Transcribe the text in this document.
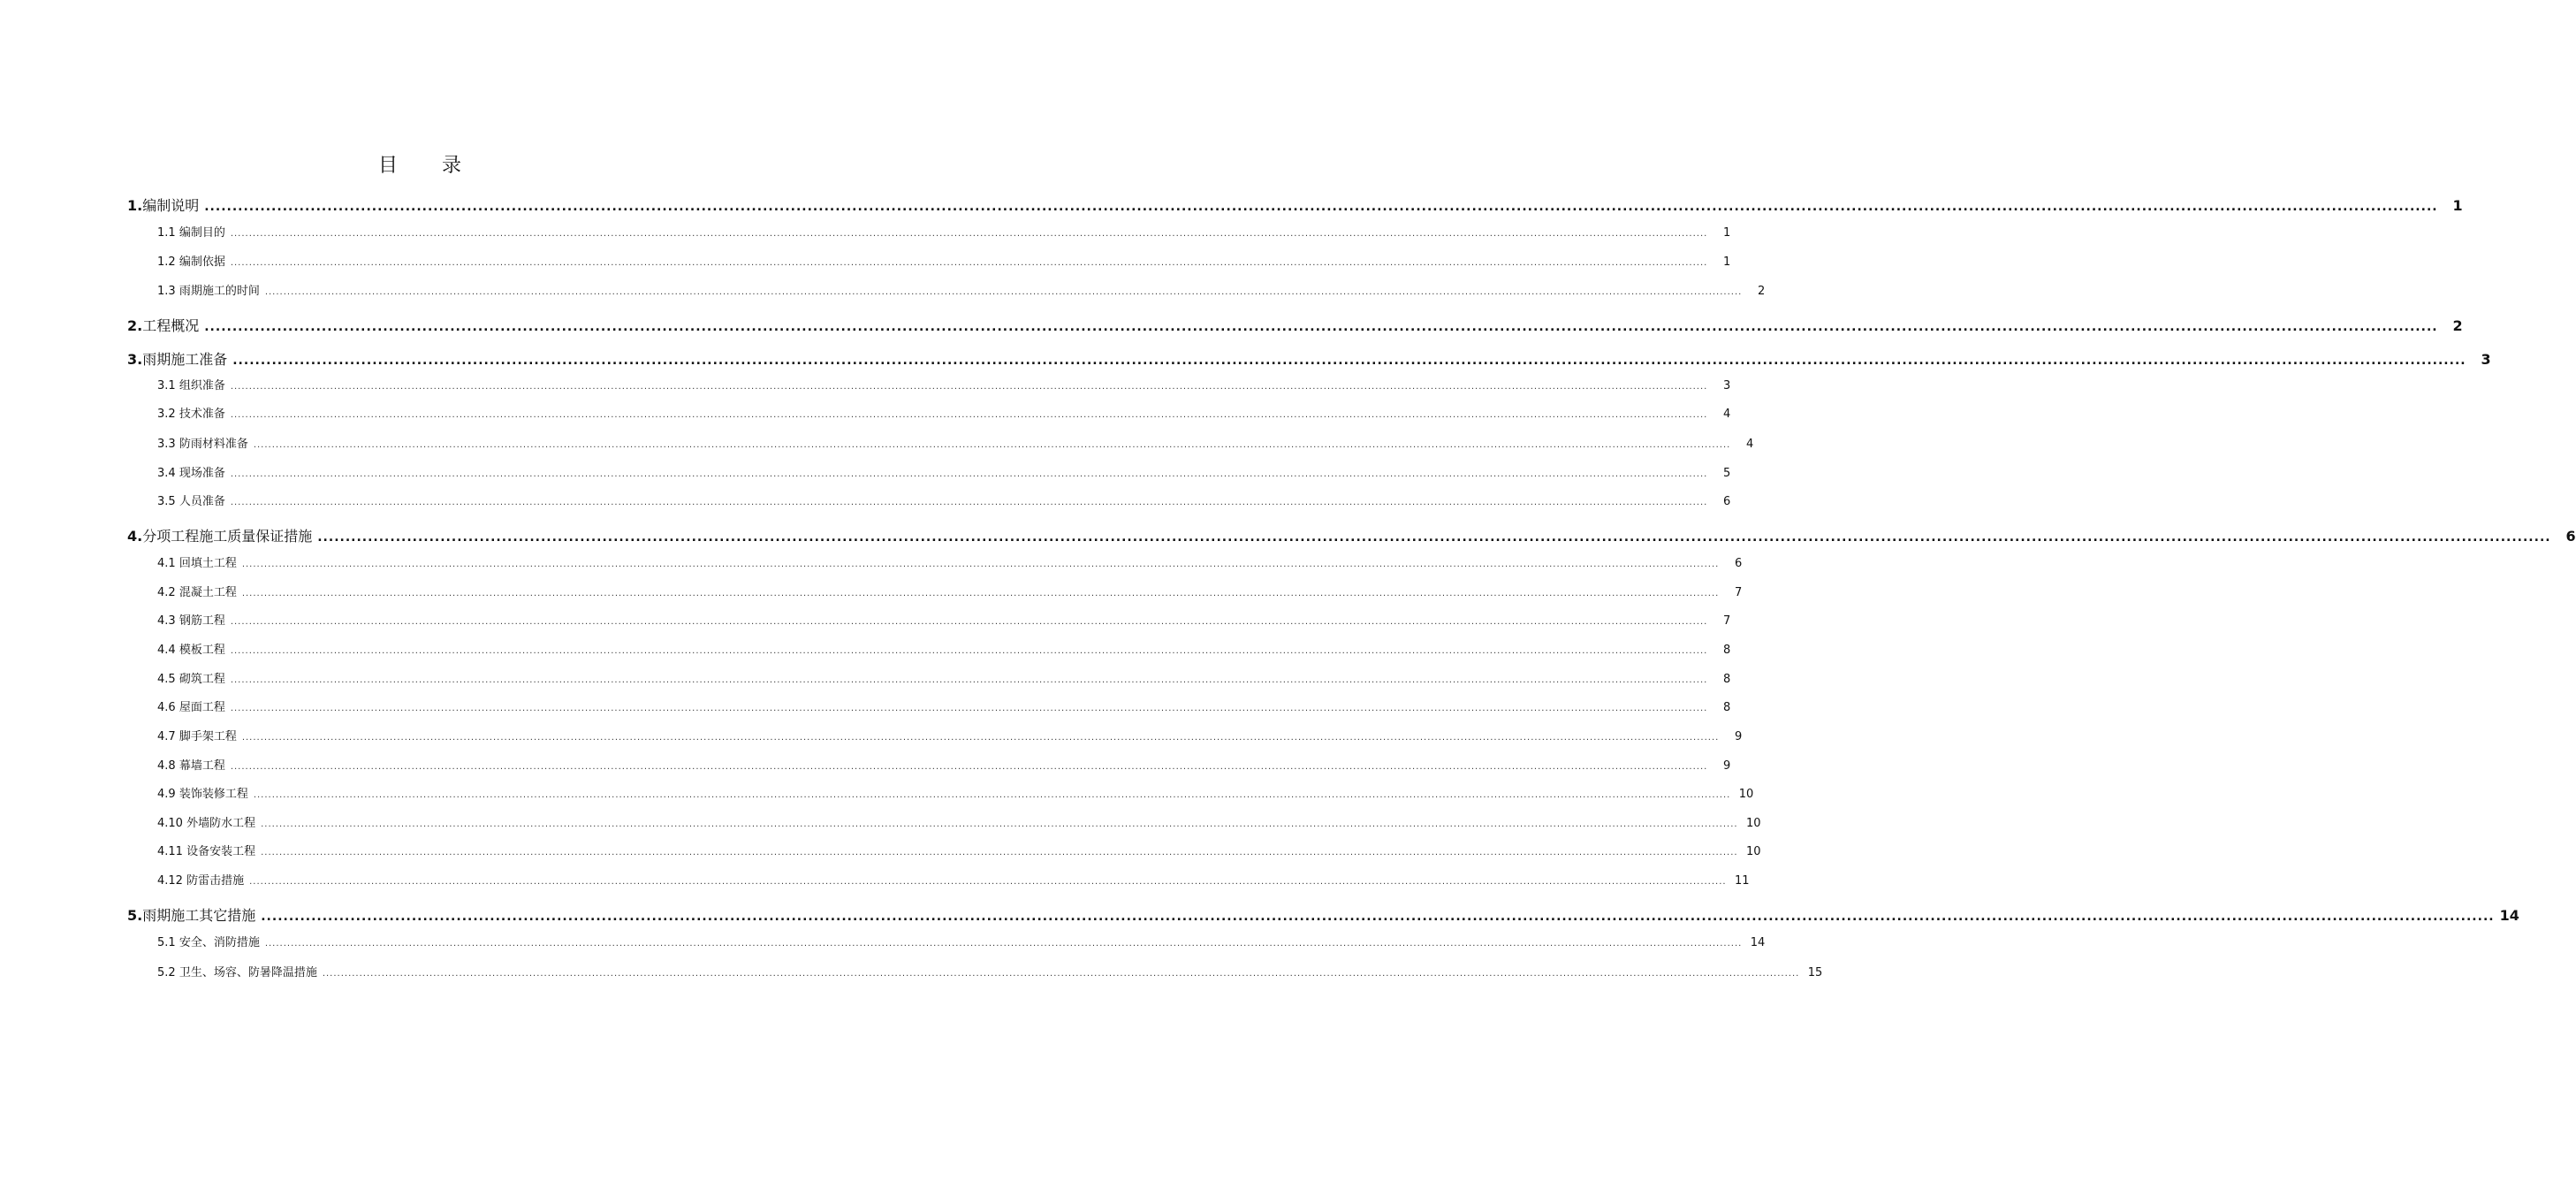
目 录
1.编制说明 ................................................................................................................................................................................................................................................................................................................................................................................................................	1
1.1 编制目的 ................................................................................................................................................................................................................................................................................................................................................................................................................	1
1.2 编制依据 ................................................................................................................................................................................................................................................................................................................................................................................................................	1
1.3 雨期施工的时间 ................................................................................................................................................................................................................................................................................................................................................................................................................	2
2.工程概况 ................................................................................................................................................................................................................................................................................................................................................................................................................	2
3.雨期施工准备 ................................................................................................................................................................................................................................................................................................................................................................................................................	3
3.1 组织准备 ................................................................................................................................................................................................................................................................................................................................................................................................................	3
3.2 技术准备 ................................................................................................................................................................................................................................................................................................................................................................................................................	4
3.3 防雨材料准备 ................................................................................................................................................................................................................................................................................................................................................................................................................	4
3.4 现场准备 ................................................................................................................................................................................................................................................................................................................................................................................................................	5
3.5 人员准备 ................................................................................................................................................................................................................................................................................................................................................................................................................	6
4.分项工程施工质量保证措施 ................................................................................................................................................................................................................................................................................................................................................................................................................	6
4.1 回填土工程 ................................................................................................................................................................................................................................................................................................................................................................................................................	6
4.2 混凝土工程 ................................................................................................................................................................................................................................................................................................................................................................................................................	7
4.3 钢筋工程 ................................................................................................................................................................................................................................................................................................................................................................................................................	7
4.4 模板工程 ................................................................................................................................................................................................................................................................................................................................................................................................................	8
4.5 砌筑工程 ................................................................................................................................................................................................................................................................................................................................................................................................................	8
4.6 屋面工程 ................................................................................................................................................................................................................................................................................................................................................................................................................	8
4.7 脚手架工程 ................................................................................................................................................................................................................................................................................................................................................................................................................	9
4.8 幕墙工程 ................................................................................................................................................................................................................................................................................................................................................................................................................	9
4.9 装饰装修工程 ................................................................................................................................................................................................................................................................................................................................................................................................................ 10
4.10 外墙防水工程 ................................................................................................................................................................................................................................................................................................................................................................................................................ 10
4.11 设备安装工程 ................................................................................................................................................................................................................................................................................................................................................................................................................ 10
4.12 防雷击措施 ................................................................................................................................................................................................................................................................................................................................................................................................................ 11
5.雨期施工其它措施 ................................................................................................................................................................................................................................................................................................................................................................................................................ 14
5.1 安全、消防措施 ................................................................................................................................................................................................................................................................................................................................................................................................................ 14
5.2 卫生、场容、防暑降温措施 ................................................................................................................................................................................................................................................................................................................................................................................................................ 15
